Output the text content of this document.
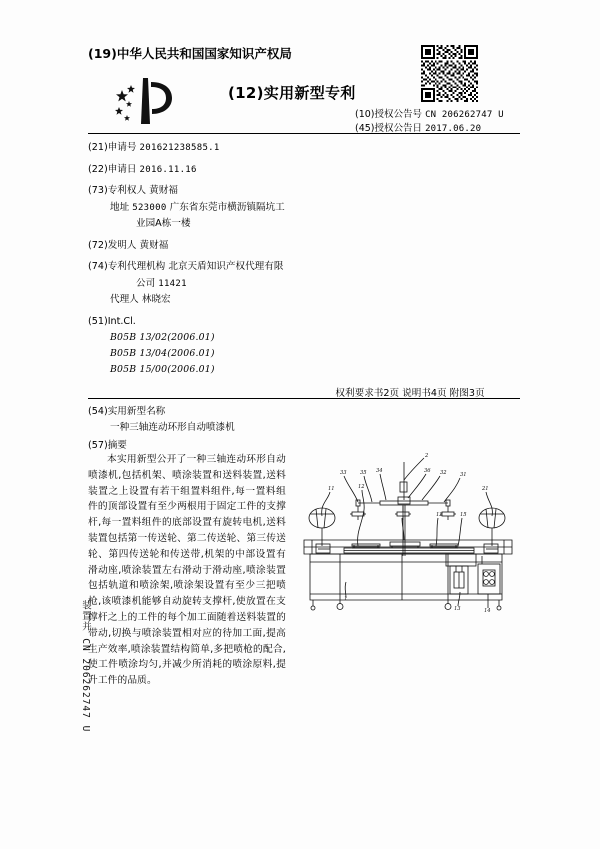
装置并 CN 206262747 U
(19)中华人民共和国国家知识产权局
(12)实用新型专利
(10)授权公告号 CN 206262747 U
(45)授权公告日 2017.06.20
(21)申请号 201621238585.1
(22)申请日 2016.11.16
(73)专利权人 黄财福
地址 523000 广东省东莞市横沥镇隔坑工
业园A栋一楼
(72)发明人 黄财福
(74)专利代理机构 北京天盾知识产权代理有限
公司 11421
代理人 林晓宏
(51)Int.Cl.
B05B 13/02(2006.01)
B05B 13/04(2006.01)
B05B 15/00(2006.01)
权利要求书2页 说明书4页 附图3页
(54)实用新型名称
一种三轴连动环形自动喷漆机
(57)摘要
本实用新型公开了一种三轴连动环形自动喷漆机,包括机架、喷涂装置和送料装置,送料装置之上设置有若干组置料组件,每一置料组件的顶部设置有至少两根用于固定工件的支撑杆,每一置料组件的底部设置有旋转电机,送料装置包括第一传送轮、第二传送轮、第三传送轮、第四传送轮和传送带,机架的中部设置有滑动座,喷涂装置左右滑动于滑动座,喷涂装置包括轨道和喷涂架,喷涂架设置有至少三把喷枪,该喷漆机能够自动旋转支撑杆,使放置在支撑杆之上的工件的每个加工面随着送料装置的带动,切换与喷涂装置相对应的待加工面,提高生产效率,喷涂装置结构简单,多把喷枪的配合,使工件喷涂均匀,并减少所消耗的喷涂原料,提升工件的品质。
2
33	35 34	36 32	31
11	12
12	15
21
1
13	14
